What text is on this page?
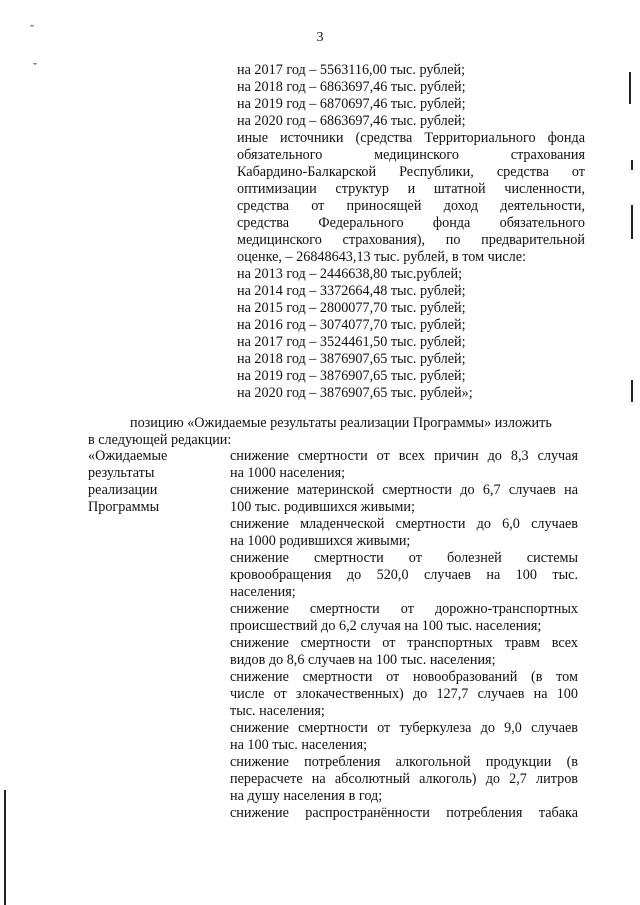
3
ˇ
ˇ	на 2017 год – 5563116,00 тыс. рублей;
на 2018 год – 6863697,46 тыс. рублей;
на 2019 год – 6870697,46 тыс. рублей;
на 2020 год – 6863697,46 тыс. рублей;
иные источники (средства Территориального фонда
обязательного медицинского страхования
Кабардино-Балкарской Республики, средства от
оптимизации структур и штатной численности,
средства от приносящей доход деятельности,
средства Федерального фонда обязательного
медицинского страхования), по предварительной
оценке, – 26848643,13 тыс. рублей, в том числе:
на 2013 год – 2446638,80 тыс.рублей;
на 2014 год – 3372664,48 тыс. рублей;
на 2015 год – 2800077,70 тыс. рублей;
на 2016 год – 3074077,70 тыс. рублей;
на 2017 год – 3524461,50 тыс. рублей;
на 2018 год – 3876907,65 тыс. рублей;
на 2019 год – 3876907,65 тыс. рублей;
на 2020 год – 3876907,65 тыс. рублей»;
позицию «Ожидаемые результаты реализации Программы» изложить
в следующей редакции:
«Ожидаемые
результаты
реализации
Программы
снижение смертности от всех причин до 8,3 случая
на 1000 населения;
снижение материнской смертности до 6,7 случаев на
100 тыс. родившихся живыми;
снижение младенческой смертности до 6,0 случаев
на 1000 родившихся живыми;
снижение смертности от болезней системы
кровообращения до 520,0 случаев на 100 тыс.
населения;
снижение смертности от дорожно-транспортных
происшествий до 6,2 случая на 100 тыс. населения;
снижение смертности от транспортных травм всех
видов до 8,6 случаев на 100 тыс. населения;
снижение смертности от новообразований (в том
числе от злокачественных) до 127,7 случаев на 100
тыс. населения;
снижение смертности от туберкулеза до 9,0 случаев
на 100 тыс. населения;
снижение потребления алкогольной продукции (в
перерасчете на абсолютный алкоголь) до 2,7 литров
на душу населения в год;
снижение распространённости потребления табака
